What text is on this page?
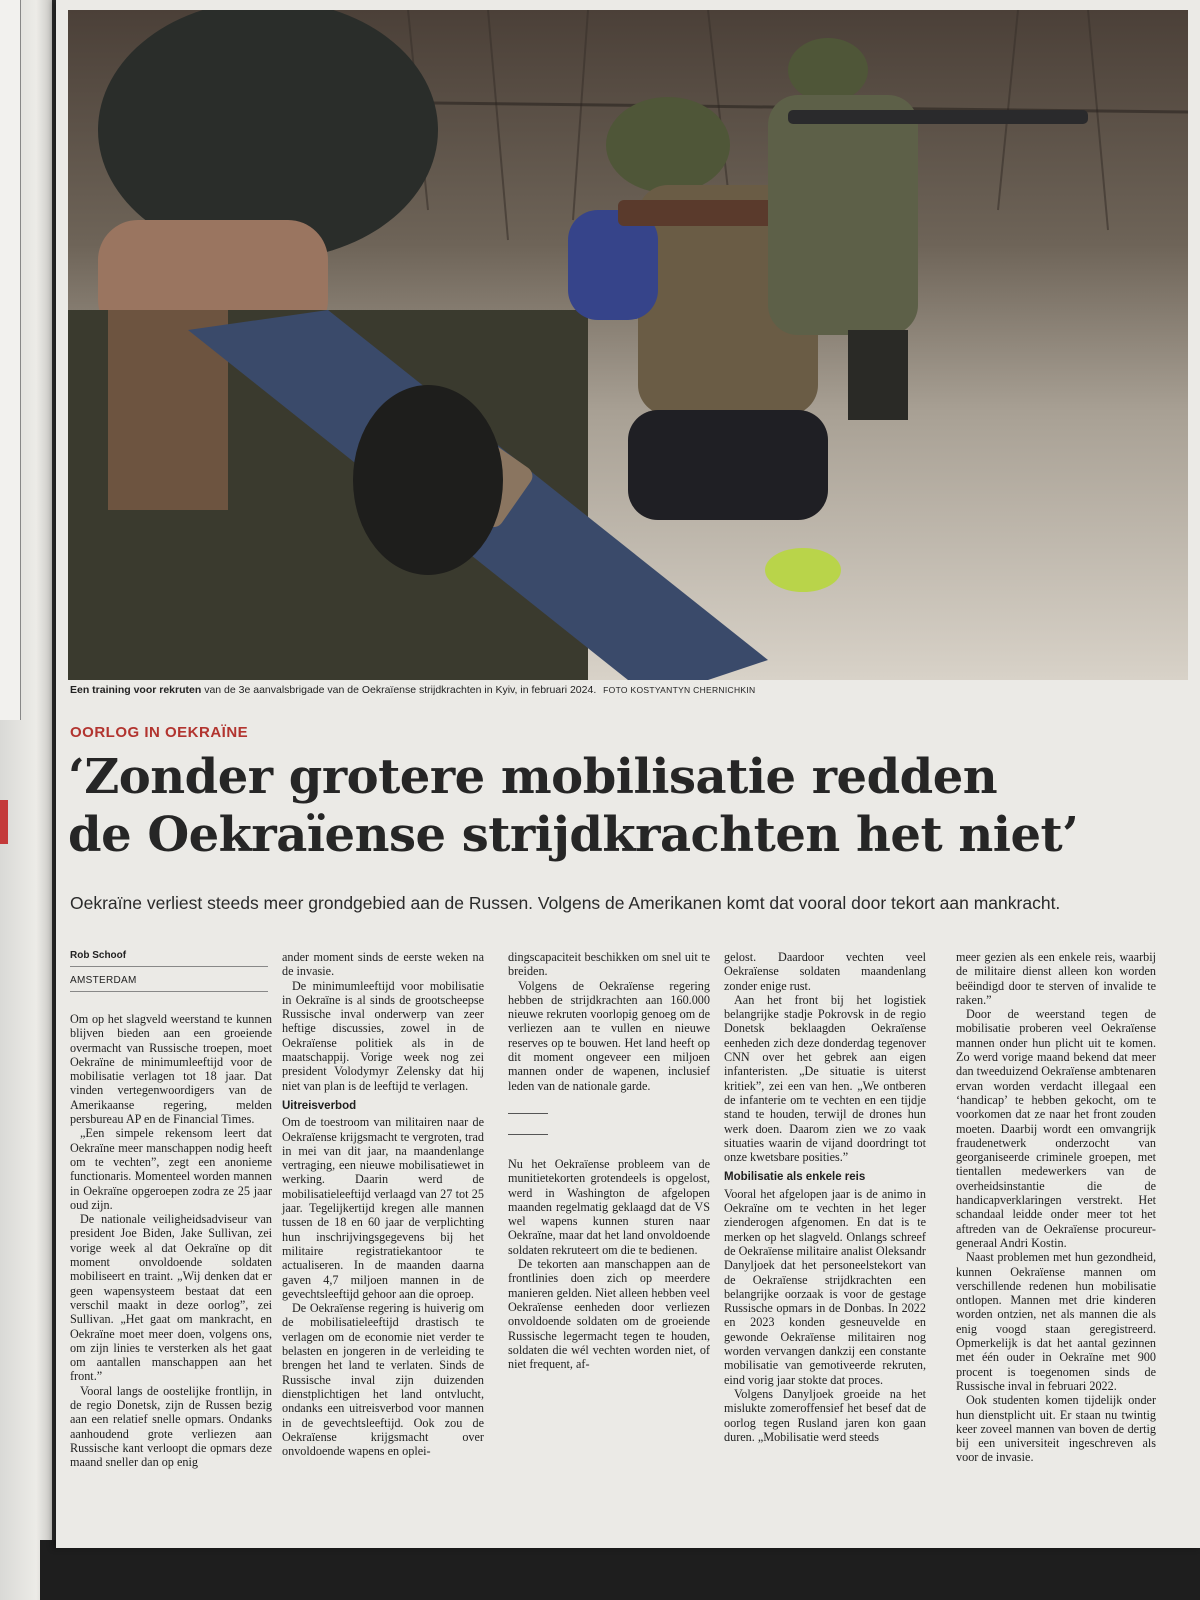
Een training voor rekruten van de 3e aanvalsbrigade van de Oekraïense strijdkrachten in Kyiv, in februari 2024. FOTO KOSTYANTYN CHERNICHKIN
OORLOG IN OEKRAÏNE
‘Zonder grotere mobilisatie redden
de Oekraïense strijdkrachten het niet’
Oekraïne verliest steeds meer grondgebied aan de Russen. Volgens de Amerikanen komt dat vooral door tekort aan mankracht.
Rob Schoof
AMSTERDAM

Om op het slagveld weerstand te kunnen blijven bieden aan een groeiende overmacht van Russische troepen, moet Oekraïne de minimumleeftijd voor de mobilisatie verlagen tot 18 jaar. Dat vinden vertegenwoordigers van de Amerikaanse regering, melden persbureau AP en de Financial Times.

„Een simpele rekensom leert dat Oekraïne meer manschappen nodig heeft om te vechten”, zegt een anonieme functionaris. Momenteel worden mannen in Oekraïne opgeroepen zodra ze 25 jaar oud zijn.

De nationale veiligheidsadviseur van president Joe Biden, Jake Sullivan, zei vorige week al dat Oekraïne op dit moment onvoldoende soldaten mobiliseert en traint. „Wij denken dat er geen wapensysteem bestaat dat een verschil maakt in deze oorlog”, zei Sullivan. „Het gaat om mankracht, en Oekraïne moet meer doen, volgens ons, om zijn linies te versterken als het gaat om aantallen manschappen aan het front.”

Vooral langs de oostelijke frontlijn, in de regio Donetsk, zijn de Russen bezig aan een relatief snelle opmars. Ondanks aanhoudend grote verliezen aan Russische kant verloopt die opmars deze maand sneller dan op enig

ander moment sinds de eerste weken na de invasie.

De minimumleeftijd voor mobilisatie in Oekraïne is al sinds de grootscheepse Russische inval onderwerp van zeer heftige discussies, zowel in de Oekraïense politiek als in de maatschappij. Vorige week nog zei president Volodymyr Zelensky dat hij niet van plan is de leeftijd te verlagen.

Uitreisverbod

Om de toestroom van militairen naar de Oekraïense krijgsmacht te vergroten, trad in mei van dit jaar, na maandenlange vertraging, een nieuwe mobilisatiewet in werking. Daarin werd de mobilisatieleeftijd verlaagd van 27 tot 25 jaar. Tegelijkertijd kregen alle mannen tussen de 18 en 60 jaar de verplichting hun inschrijvingsgegevens bij het militaire registratiekantoor te actualiseren. In de maanden daarna gaven 4,7 miljoen mannen in de gevechtsleeftijd gehoor aan die oproep.

De Oekraïense regering is huiverig om de mobilisatieleeftijd drastisch te verlagen om de economie niet verder te belasten en jongeren in de verleiding te brengen het land te verlaten. Sinds de Russische inval zijn duizenden dienstplichtigen het land ontvlucht, ondanks een uitreisverbod voor mannen in de gevechtsleeftijd. Ook zou de Oekraïense krijgsmacht over onvoldoende wapens en oplei-

dingscapaciteit beschikken om snel uit te breiden.

Volgens de Oekraïense regering hebben de strijdkrachten aan 160.000 nieuwe rekruten voorlopig genoeg om de verliezen aan te vullen en nieuwe reserves op te bouwen. Het land heeft op dit moment ongeveer een miljoen mannen onder de wapenen, inclusief leden van de nationale garde.

Nu het Oekraïense probleem van de munitietekorten grotendeels is opgelost, werd in Washington de afgelopen maanden regelmatig geklaagd dat de VS wel wapens kunnen sturen naar Oekraïne, maar dat het land onvoldoende soldaten rekruteert om die te bedienen.

De tekorten aan manschappen aan de frontlinies doen zich op meerdere manieren gelden. Niet alleen hebben veel Oekraïense eenheden door verliezen onvoldoende soldaten om de groeiende Russische legermacht tegen te houden, soldaten die wél vechten worden niet, of niet frequent, af-

gelost. Daardoor vechten veel Oekraïense soldaten maandenlang zonder enige rust.

Aan het front bij het logistiek belangrijke stadje Pokrovsk in de regio Donetsk beklaagden Oekraïense eenheden zich deze donderdag tegenover CNN over het gebrek aan eigen infanteristen. „De situatie is uiterst kritiek”, zei een van hen. „We ontberen de infanterie om te vechten en een tijdje stand te houden, terwijl de drones hun werk doen. Daarom zien we zo vaak situaties waarin de vijand doordringt tot onze kwetsbare posities.”

Mobilisatie als enkele reis

Vooral het afgelopen jaar is de animo in Oekraïne om te vechten in het leger zienderogen afgenomen. En dat is te merken op het slagveld. Onlangs schreef de Oekraïense militaire analist Oleksandr Danyljoek dat het personeelstekort van de Oekraïense strijdkrachten een belangrijke oorzaak is voor de gestage Russische opmars in de Donbas. In 2022 en 2023 konden gesneuvelde en gewonde Oekraïense militairen nog worden vervangen dankzij een constante mobilisatie van gemotiveerde rekruten, eind vorig jaar stokte dat proces.

Volgens Danyljoek groeide na het mislukte zomeroffensief het besef dat de oorlog tegen Rusland jaren kon gaan duren. „Mobilisatie werd steeds

meer gezien als een enkele reis, waarbij de militaire dienst alleen kon worden beëindigd door te sterven of invalide te raken.”

Door de weerstand tegen de mobilisatie proberen veel Oekraïense mannen onder hun plicht uit te komen. Zo werd vorige maand bekend dat meer dan tweeduizend Oekraïense ambtenaren ervan worden verdacht illegaal een ‘handicap’ te hebben gekocht, om te voorkomen dat ze naar het front zouden moeten. Daarbij wordt een omvangrijk fraudenetwerk onderzocht van georganiseerde criminele groepen, met tientallen medewerkers van de overheidsinstantie die de handicapverklaringen verstrekt. Het schandaal leidde onder meer tot het aftreden van de Oekraïense procureur-generaal Andri Kostin.

Naast problemen met hun gezondheid, kunnen Oekraïense mannen om verschillende redenen hun mobilisatie ontlopen. Mannen met drie kinderen worden ontzien, net als mannen die als enig voogd staan geregistreerd. Opmerkelijk is dat het aantal gezinnen met één ouder in Oekraïne met 900 procent is toegenomen sinds de Russische inval in februari 2022.

Ook studenten komen tijdelijk onder hun dienstplicht uit. Er staan nu twintig keer zoveel mannen van boven de dertig bij een universiteit ingeschreven als voor de invasie.
